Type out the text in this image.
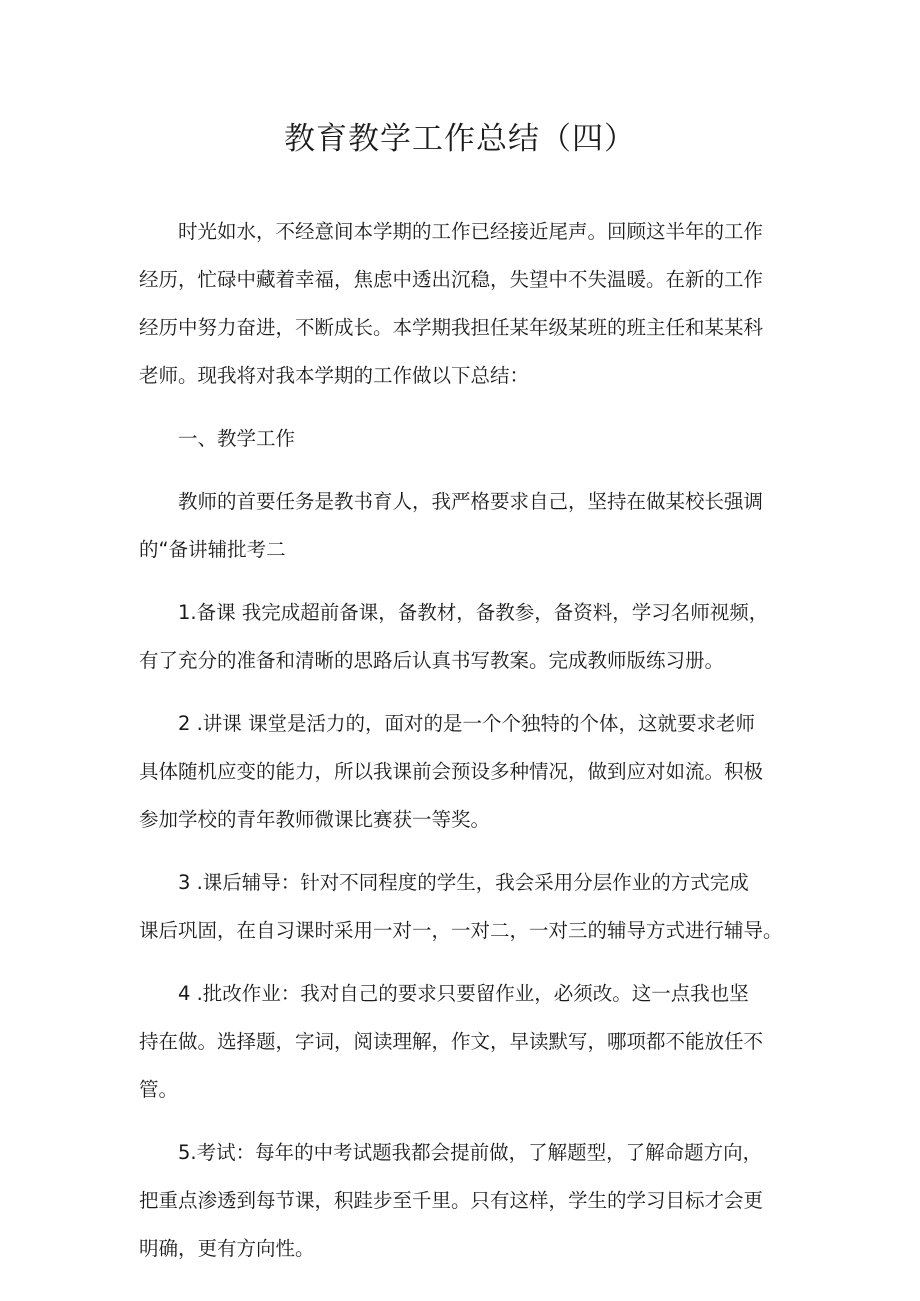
教育教学工作总结（四）
时光如水，不经意间本学期的工作已经接近尾声。回顾这半年的工作
经历，忙碌中藏着幸福，焦虑中透出沉稳，失望中不失温暖。在新的工作
经历中努力奋进，不断成长。本学期我担任某年级某班的班主任和某某科
老师。现我将对我本学期的工作做以下总结：
一、教学工作
教师的首要任务是教书育人，我严格要求自己，坚持在做某校长强调
的“备讲辅批考二
1.备课 我完成超前备课，备教材，备教参，备资料，学习名师视频，
有了充分的准备和清晰的思路后认真书写教案。完成教师版练习册。
2 .讲课 课堂是活力的，面对的是一个个独特的个体，这就要求老师
具体随机应变的能力，所以我课前会预设多种情况，做到应对如流。积极
参加学校的青年教师微课比赛获一等奖。
3 .课后辅导：针对不同程度的学生，我会采用分层作业的方式完成
课后巩固，在自习课时采用一对一，一对二，一对三的辅导方式进行辅导。
4 .批改作业：我对自己的要求只要留作业，必须改。这一点我也坚
持在做。选择题，字词，阅读理解，作文，早读默写，哪项都不能放任不
管。
5.考试：每年的中考试题我都会提前做，了解题型，了解命题方向，
把重点渗透到每节课，积跬步至千里。只有这样，学生的学习目标才会更
明确，更有方向性。
